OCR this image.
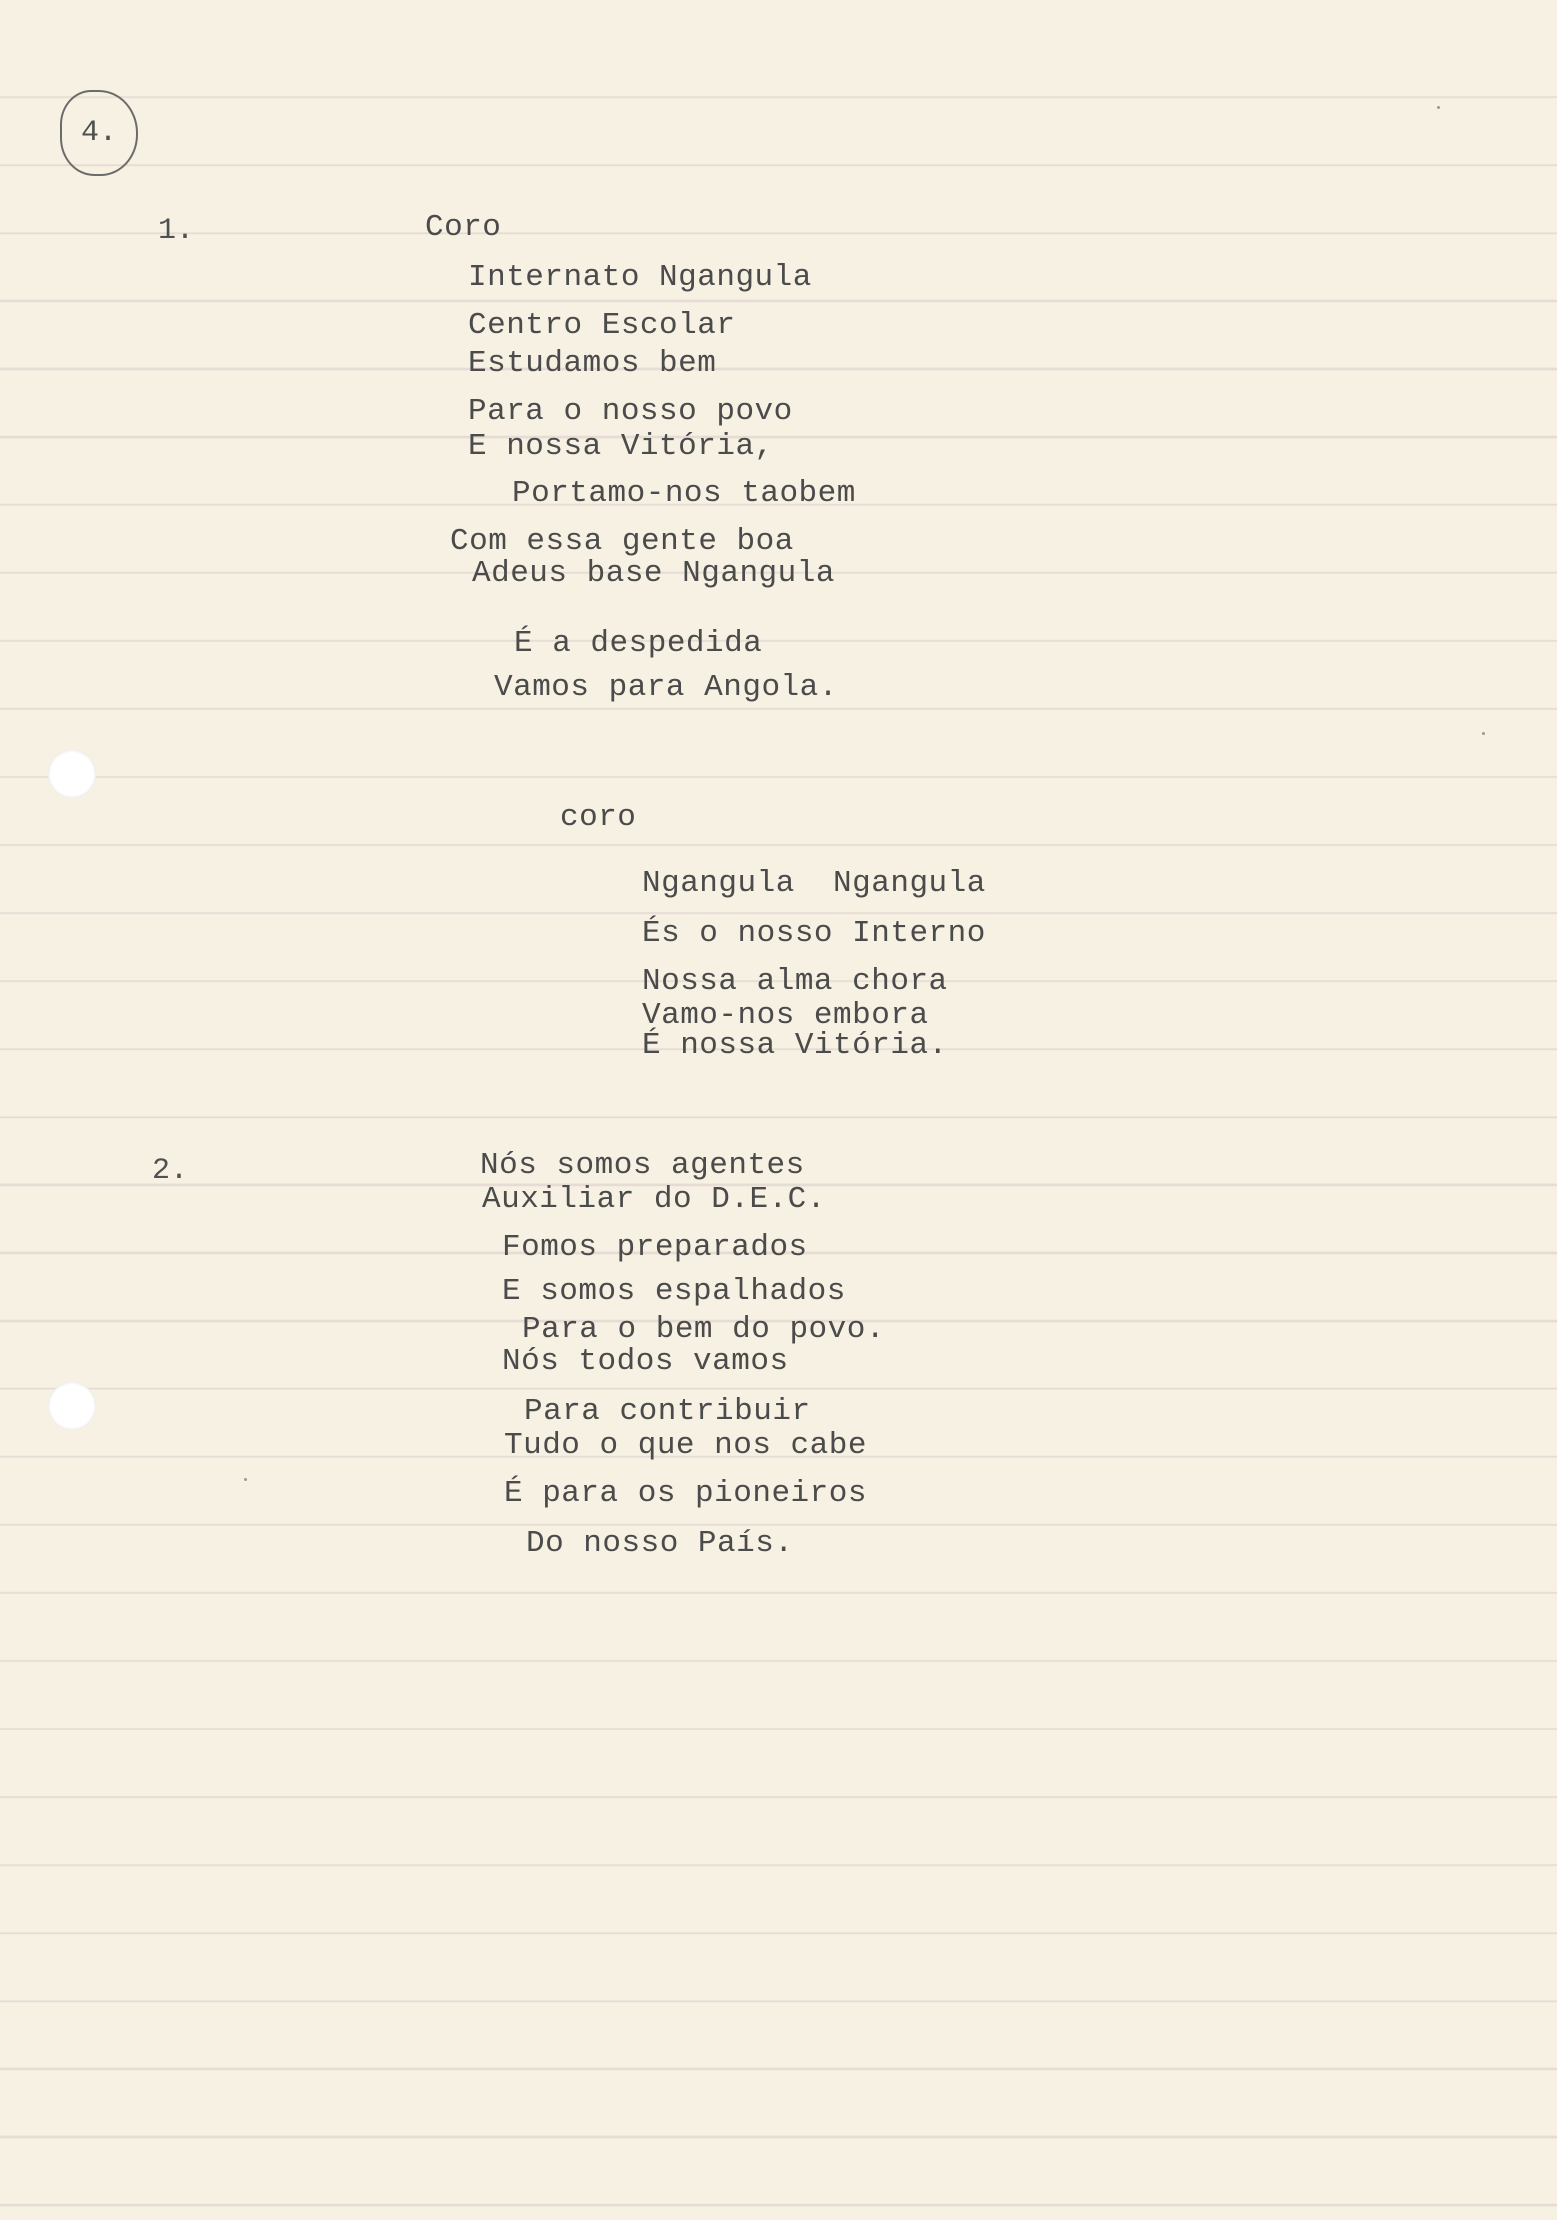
4.
1.	Coro
Internato Ngangula
Centro Escolar
Estudamos bem
Para o nosso povo
E nossa Vitória,
Portamo-nos taobem
Com essa gente boa
Adeus base Ngangula
É a despedida
Vamos para Angola.
coro
Ngangula  Ngangula
És o nosso Interno
Nossa alma chora
Vamo-nos embora
É nossa Vitória.
2.	Nós somos agentes
Auxiliar do D.E.C.
Fomos preparados
E somos espalhados
Para o bem do povo.
Nós todos vamos
Para contribuir
Tudo o que nos cabe
É para os pioneiros
Do nosso País.
